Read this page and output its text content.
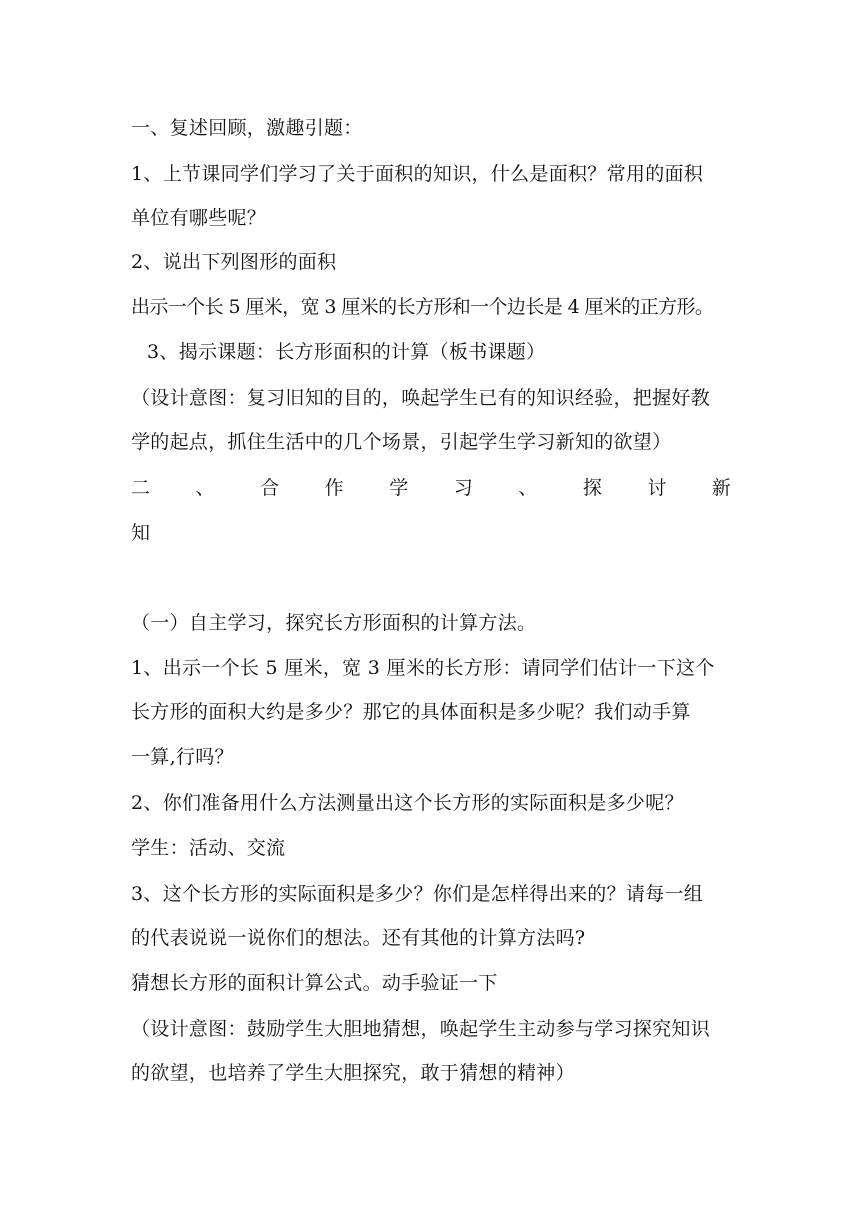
一、复述回顾，激趣引题：
1、上节课同学们学习了关于面积的知识，什么是面积？常用的面积
单位有哪些呢？
2、说出下列图形的面积
出示一个长 5 厘米，宽 3 厘米的长方形和一个边长是 4 厘米的正方形。
3、揭示课题：长方形面积的计算（板书课题）
（设计意图：复习旧知的目的，唤起学生已有的知识经验，把握好教
学的起点，抓住生活中的几个场景，引起学生学习新知的欲望）
二 、 合 作 学 习 、 探 讨 新
知
（一）自主学习，探究长方形面积的计算方法。
1、出示一个长 5 厘米，宽 3 厘米的长方形：请同学们估计一下这个
长方形的面积大约是多少？那它的具体面积是多少呢？我们动手算
一算,行吗？
2、你们准备用什么方法测量出这个长方形的实际面积是多少呢？
学生：活动、交流
3、这个长方形的实际面积是多少？你们是怎样得出来的？请每一组
的代表说说一说你们的想法。还有其他的计算方法吗?
猜想长方形的面积计算公式。动手验证一下
（设计意图：鼓励学生大胆地猜想，唤起学生主动参与学习探究知识
的欲望，也培养了学生大胆探究，敢于猜想的精神）
